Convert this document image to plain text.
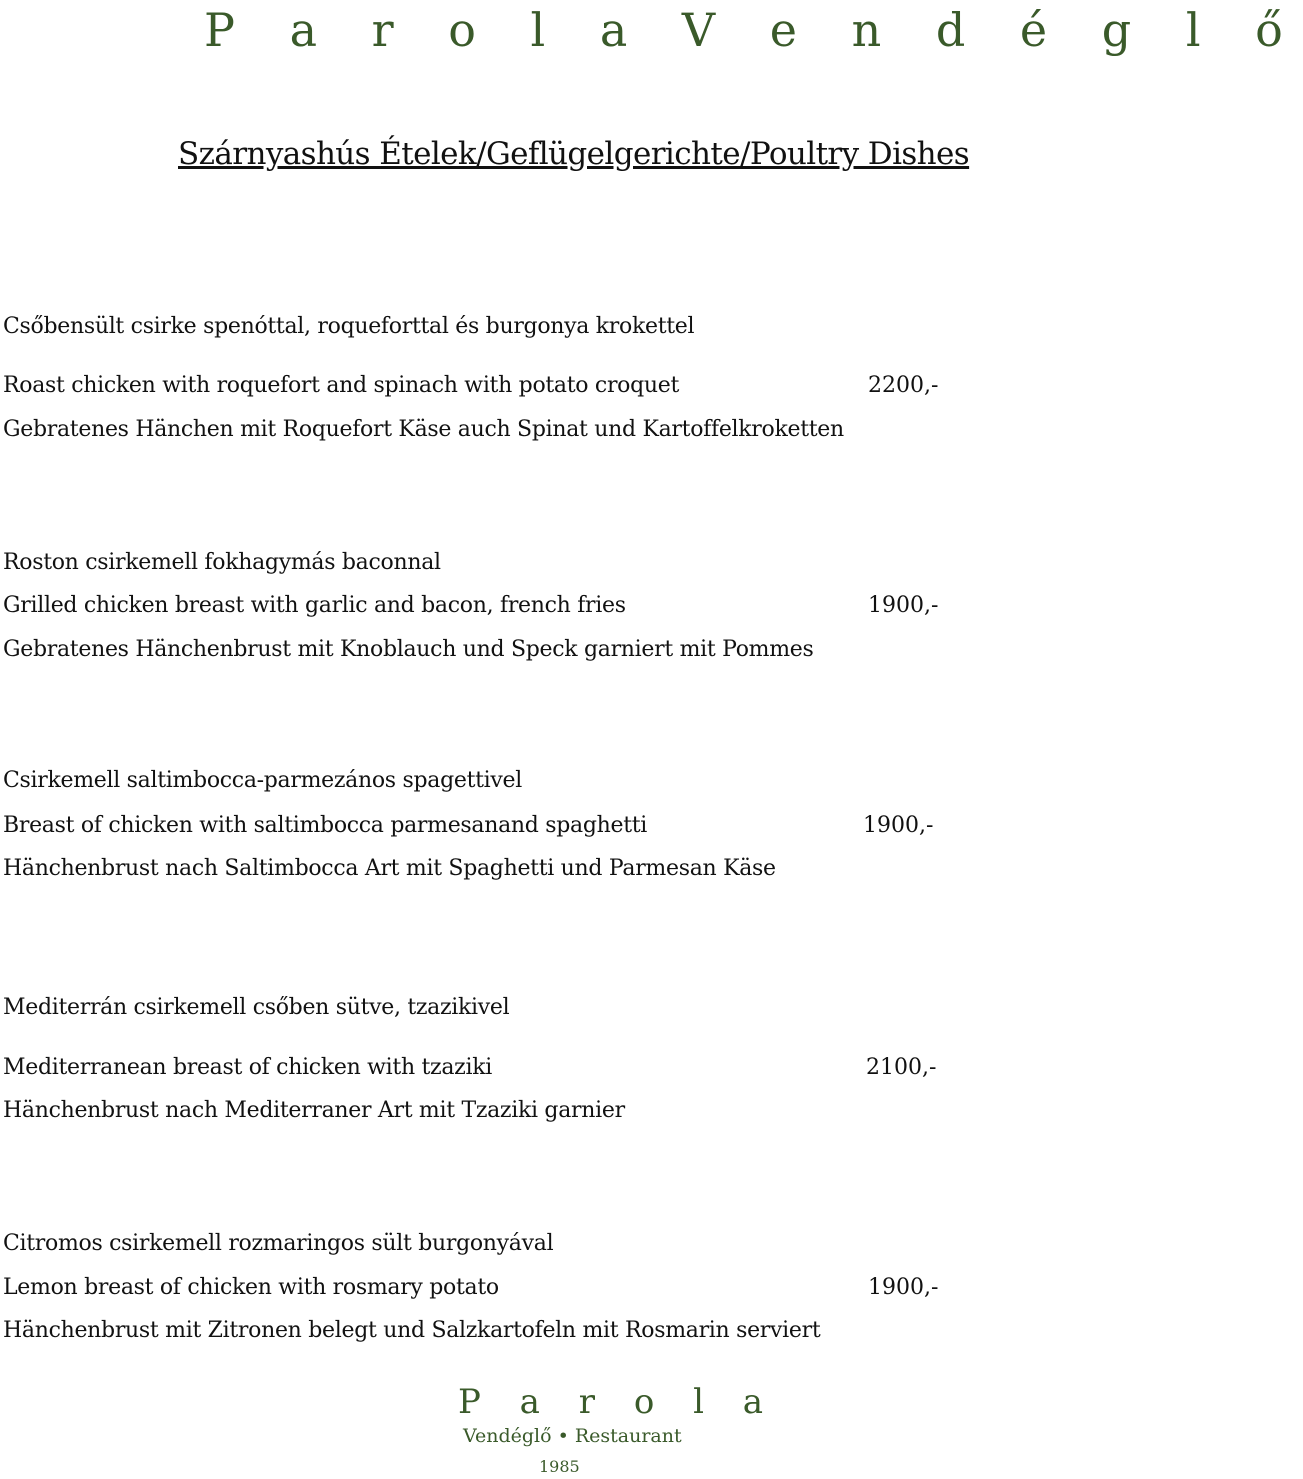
P a r o l a V e n d é g l ő
Szárnyashús Ételek/Geflügelgerichte/Poultry Dishes
Csőbensült csirke spenóttal, roqueforttal és burgonya krokettel
Roast chicken with roquefort and spinach with potato croquet	2200,-
Gebratenes Hänchen mit Roquefort Käse auch Spinat und Kartoffelkroketten
Roston csirkemell fokhagymás baconnal
Grilled chicken breast with garlic and bacon, french fries	1900,-
Gebratenes Hänchenbrust mit Knoblauch und Speck garniert mit Pommes
Csirkemell saltimbocca-parmezános spagettivel
Breast of chicken with saltimbocca parmesanand spaghetti	1900,-
Hänchenbrust nach Saltimbocca Art mit Spaghetti und Parmesan Käse
Mediterrán csirkemell csőben sütve, tzazikivel
Mediterranean breast of chicken with tzaziki	2100,-
Hänchenbrust nach Mediterraner Art mit Tzaziki garnier
Citromos csirkemell rozmaringos sült burgonyával
Lemon breast of chicken with rosmary potato	1900,-
Hänchenbrust mit Zitronen belegt und Salzkartofeln mit Rosmarin serviert
P a r o l a
Vendéglő • Restaurant
1985
